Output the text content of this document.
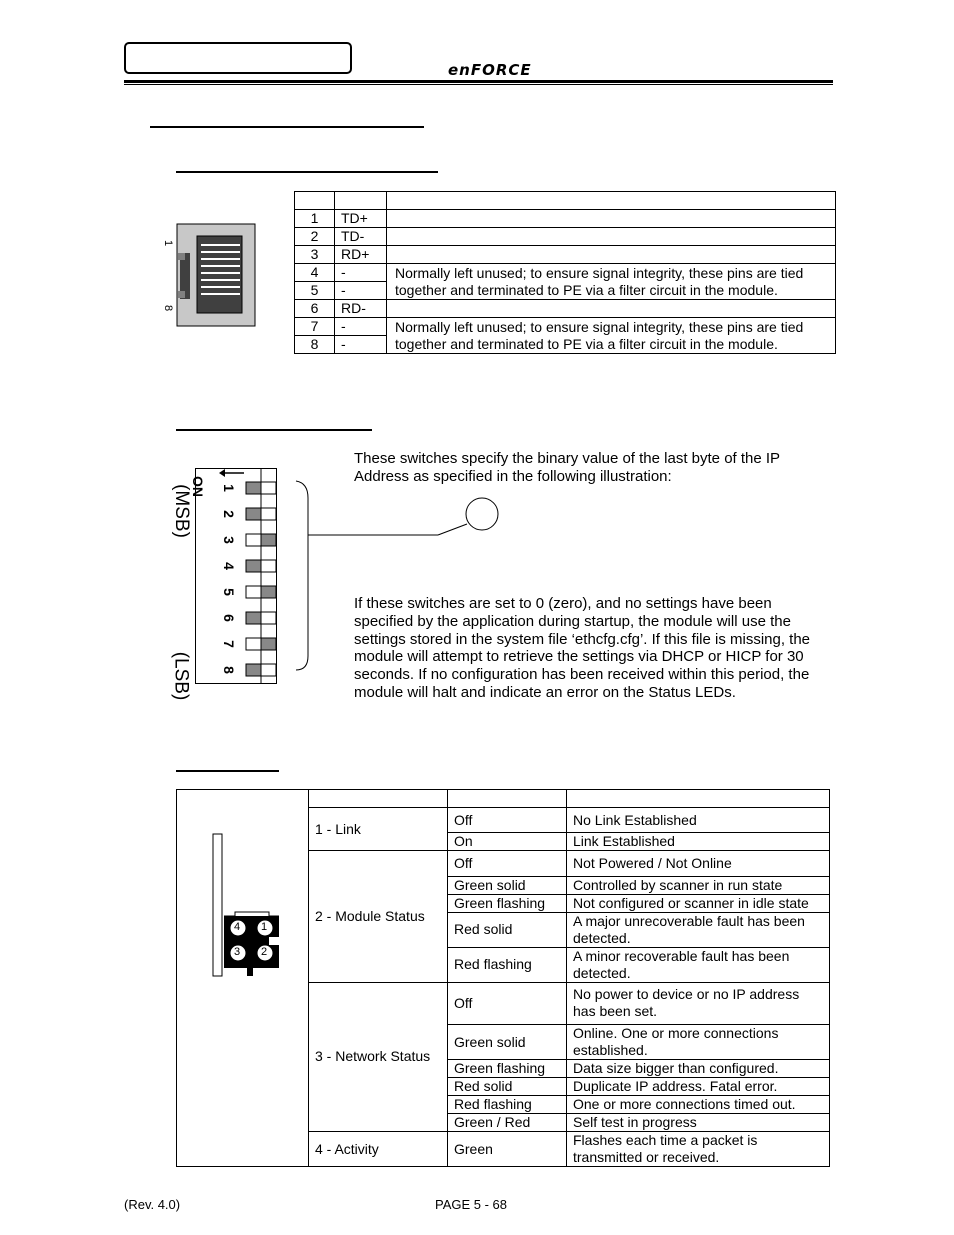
enFORCE
1
8

1	TD+	
2	TD-	
3	RD+	
4	-	Normally left unused; to ensure signal integrity, these pins are tied together and terminated to PE via a filter circuit in the module.
5	-	
6	RD-	
7	-	Normally left unused; to ensure signal integrity, these pins are tied together and terminated to PE via a filter circuit in the module.
8	-	
ON 1
2
3
4
5
6
7
8
(MSB)
(LSB)
These switches specify the binary value of the last byte of the IP Address as specified in the following illustration:
If these switches are set to 0 (zero), and no settings have been specified by the application during startup, the module will use the settings stored in the system file ‘ethcfg.cfg’. If this file is missing, the module will attempt to retrieve the settings via DHCP or HICP for 30 seconds. If no configuration has been received within this period, the module will halt and indicate an error on the Status LEDs.

	1 - Link	Off	No Link Established
		On	Link Established
	2 - Module Status	Off	Not Powered / Not Online
		Green solid	Controlled by scanner in run state
		Green flashing	Not configured or scanner in idle state
		Red solid	A major unrecoverable fault has been detected.
		Red flashing	A minor recoverable fault has been detected.
	3 - Network Status	Off	No power to device or no IP address has been set.
		Green solid	Online. One or more connections established.
		Green flashing	Data size bigger than configured.
		Red solid	Duplicate IP address. Fatal error.
		Red flashing	One or more connections timed out.
		Green / Red	Self test in progress
	4 - Activity	Green	Flashes each time a packet is transmitted or received.
4 1
3 2
(Rev. 4.0)	PAGE 5 - 68
